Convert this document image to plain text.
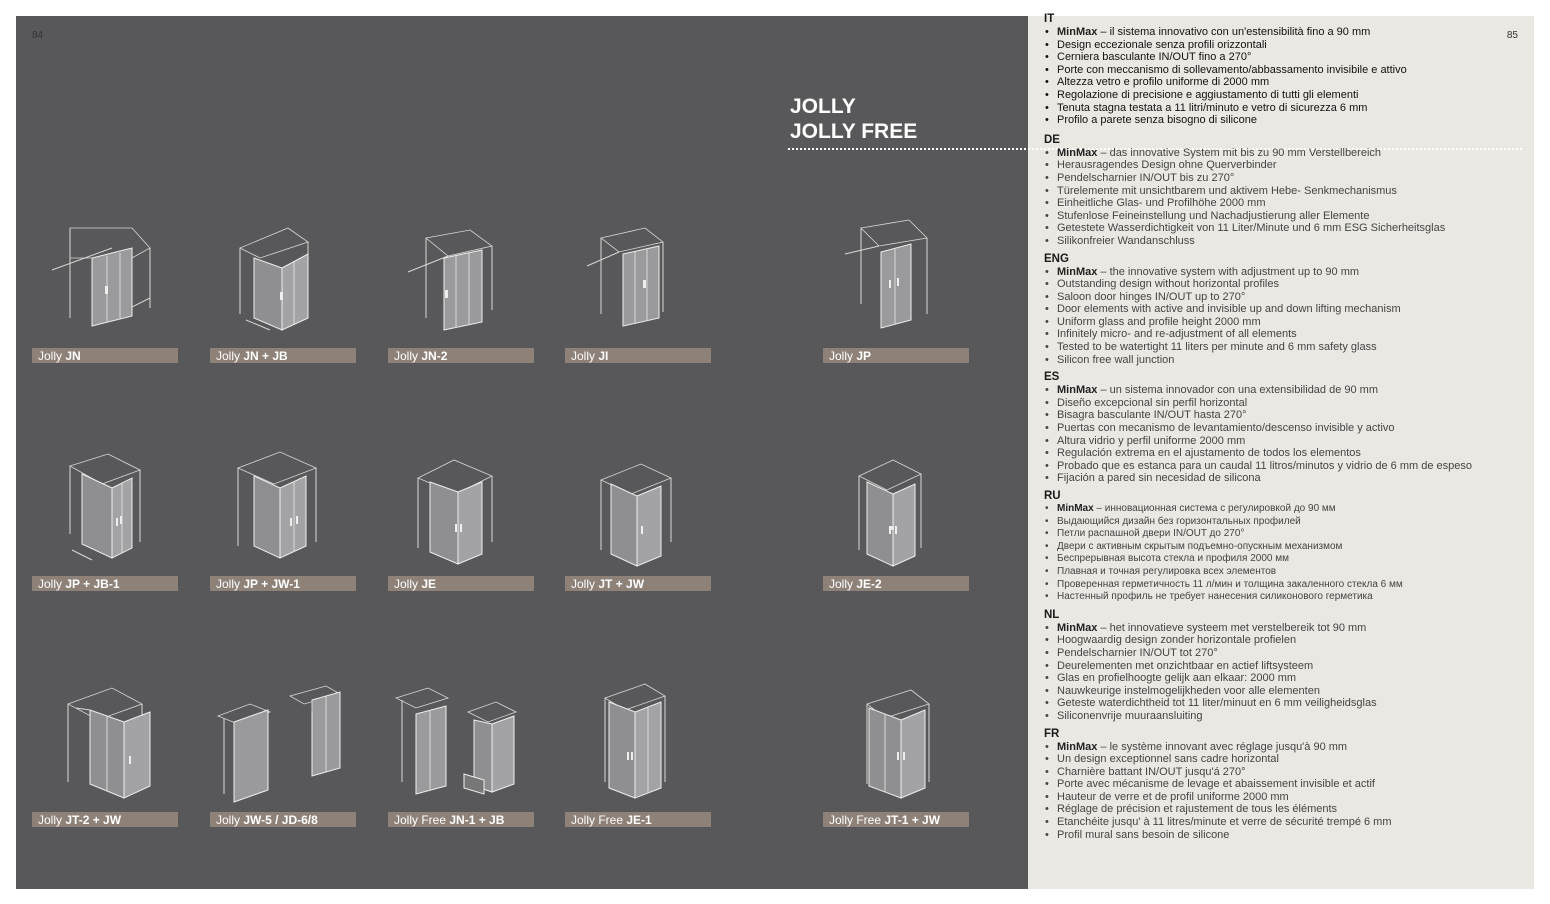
84
JOLLY
JOLLY FREE
Jolly JN	Jolly JN + JB	Jolly JN-2	Jolly JI	Jolly JP
Jolly JP + JB-1	Jolly JP + JW-1	Jolly JE	Jolly JT + JW	Jolly JE-2
Jolly JT-2 + JW	Jolly JW-5 / JD-6/8	Jolly Free JN-1 + JB	Jolly Free JE-1	Jolly Free JT-1 + JW
85
IT
• MinMax – il sistema innovativo con un'estensibilità fino a 90 mm
• Design eccezionale senza profili orizzontali
• Cerniera basculante IN/OUT fino a 270°
• Porte con meccanismo di sollevamento/abbassamento invisibile e attivo
• Altezza vetro e profilo uniforme di 2000 mm
• Regolazione di precisione e aggiustamento di tutti gli elementi
• Tenuta stagna testata a 11 litri/minuto e vetro di sicurezza 6 mm
• Profilo a parete senza bisogno di silicone
DE
• MinMax – das innovative System mit bis zu 90 mm Verstellbereich
• Herausragendes Design ohne Querverbinder
• Pendelscharnier IN/OUT bis zu 270°
• Türelemente mit unsichtbarem und aktivem Hebe- Senkmechanismus
• Einheitliche Glas- und Profilhöhe 2000 mm
• Stufenlose Feineinstellung und Nachadjustierung aller Elemente
• Getestete Wasserdichtigkeit von 11 Liter/Minute und 6 mm ESG Sicherheitsglas
• Silikonfreier Wandanschluss
ENG
• MinMax – the innovative system with adjustment up to 90 mm
• Outstanding design without horizontal profiles
• Saloon door hinges IN/OUT up to 270°
• Door elements with active and invisible up and down lifting mechanism
• Uniform glass and profile height 2000 mm
• Infinitely micro- and re-adjustment of all elements
• Tested to be watertight 11 liters per minute and 6 mm safety glass
• Silicon free wall junction
ES
• MinMax – un sistema innovador con una extensibilidad de 90 mm
• Diseño excepcional sin perfil horizontal
• Bisagra basculante IN/OUT hasta 270°
• Puertas con mecanismo de levantamiento/descenso invisible y activo
• Altura vidrio y perfil uniforme 2000 mm
• Regulación extrema en el ajustamento de todos los elementos
• Probado que es estanca para un caudal 11 litros/minutos y vidrio de 6 mm de espeso
• Fijación a pared sin necesidad de silicona
RU
• MinMax – инновационная система с регулировкой до 90 мм
• Выдающийся дизайн без горизонтальных профилей
• Петли распашной двери IN/OUT до 270°
• Двери с активным скрытым подъемно-опускным механизмом
• Беспрерывная высота стекла и профиля 2000 мм
• Плавная и точная регулировка всех элементов
• Проверенная герметичность 11 л/мин и толщина закаленного стекла 6 мм
• Настенный профиль не требует нанесения силиконового герметика
NL
• MinMax – het innovatieve systeem met verstelbereik tot 90 mm
• Hoogwaardig design zonder horizontale profielen
• Pendelscharnier IN/OUT tot 270°
• Deurelementen met onzichtbaar en actief liftsysteem
• Glas en profielhoogte gelijk aan elkaar: 2000 mm
• Nauwkeurige instelmogelijkheden voor alle elementen
• Geteste waterdichtheid tot 11 liter/minuut en 6 mm veiligheidsglas
• Siliconenvrije muuraansluiting
FR
• MinMax – le système innovant avec réglage jusqu'à 90 mm
• Un design exceptionnel sans cadre horizontal
• Charnière battant IN/OUT jusqu'á 270°
• Porte avec mécanisme de levage et abaissement invisible et actif
• Hauteur de verre et de profil uniforme 2000 mm
• Réglage de précision et rajustement de tous les éléments
• Etanchéite jusqu' à 11 litres/minute et verre de sécurité trempé 6 mm
• Profil mural sans besoin de silicone
